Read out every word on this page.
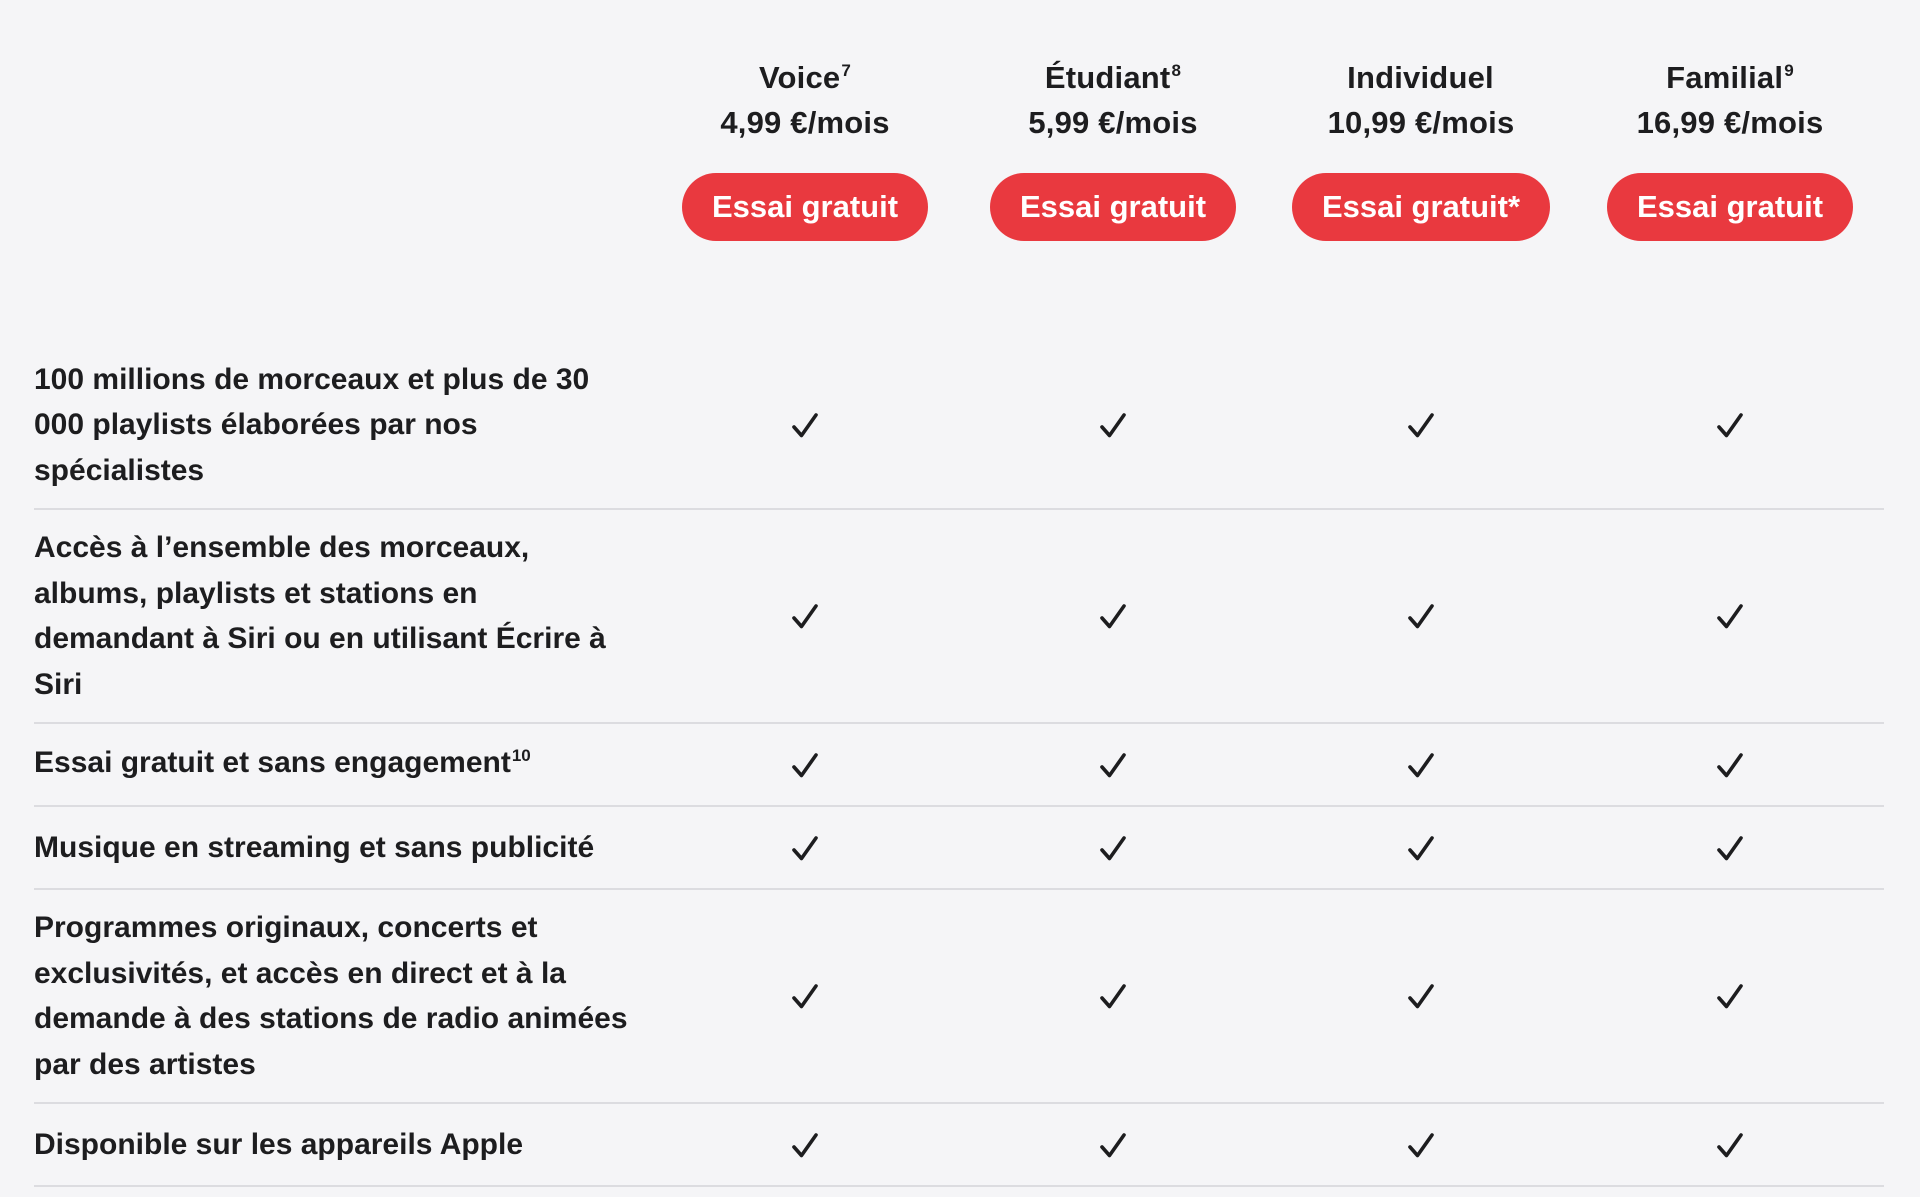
Voice$^7$
4,99 €/mois
Essai gratuit
Étudiant$^8$
5,99 €/mois
Essai gratuit
Individuel
10,99 €/mois
Essai gratuit*
Familial$^9$
16,99 €/mois
Essai gratuit
100 millions de morceaux et plus de 30 000 playlists élaborées par nos spécialistes
Accès à l’ensemble des morceaux, albums, playlists et stations en demandant à Siri ou en utilisant Écrire à Siri
Essai gratuit et sans engagement$^{10}$
Musique en streaming et sans publicité
Programmes originaux, concerts et exclusivités, et accès en direct et à la demande à des stations de radio animées par des artistes
Disponible sur les appareils Apple
